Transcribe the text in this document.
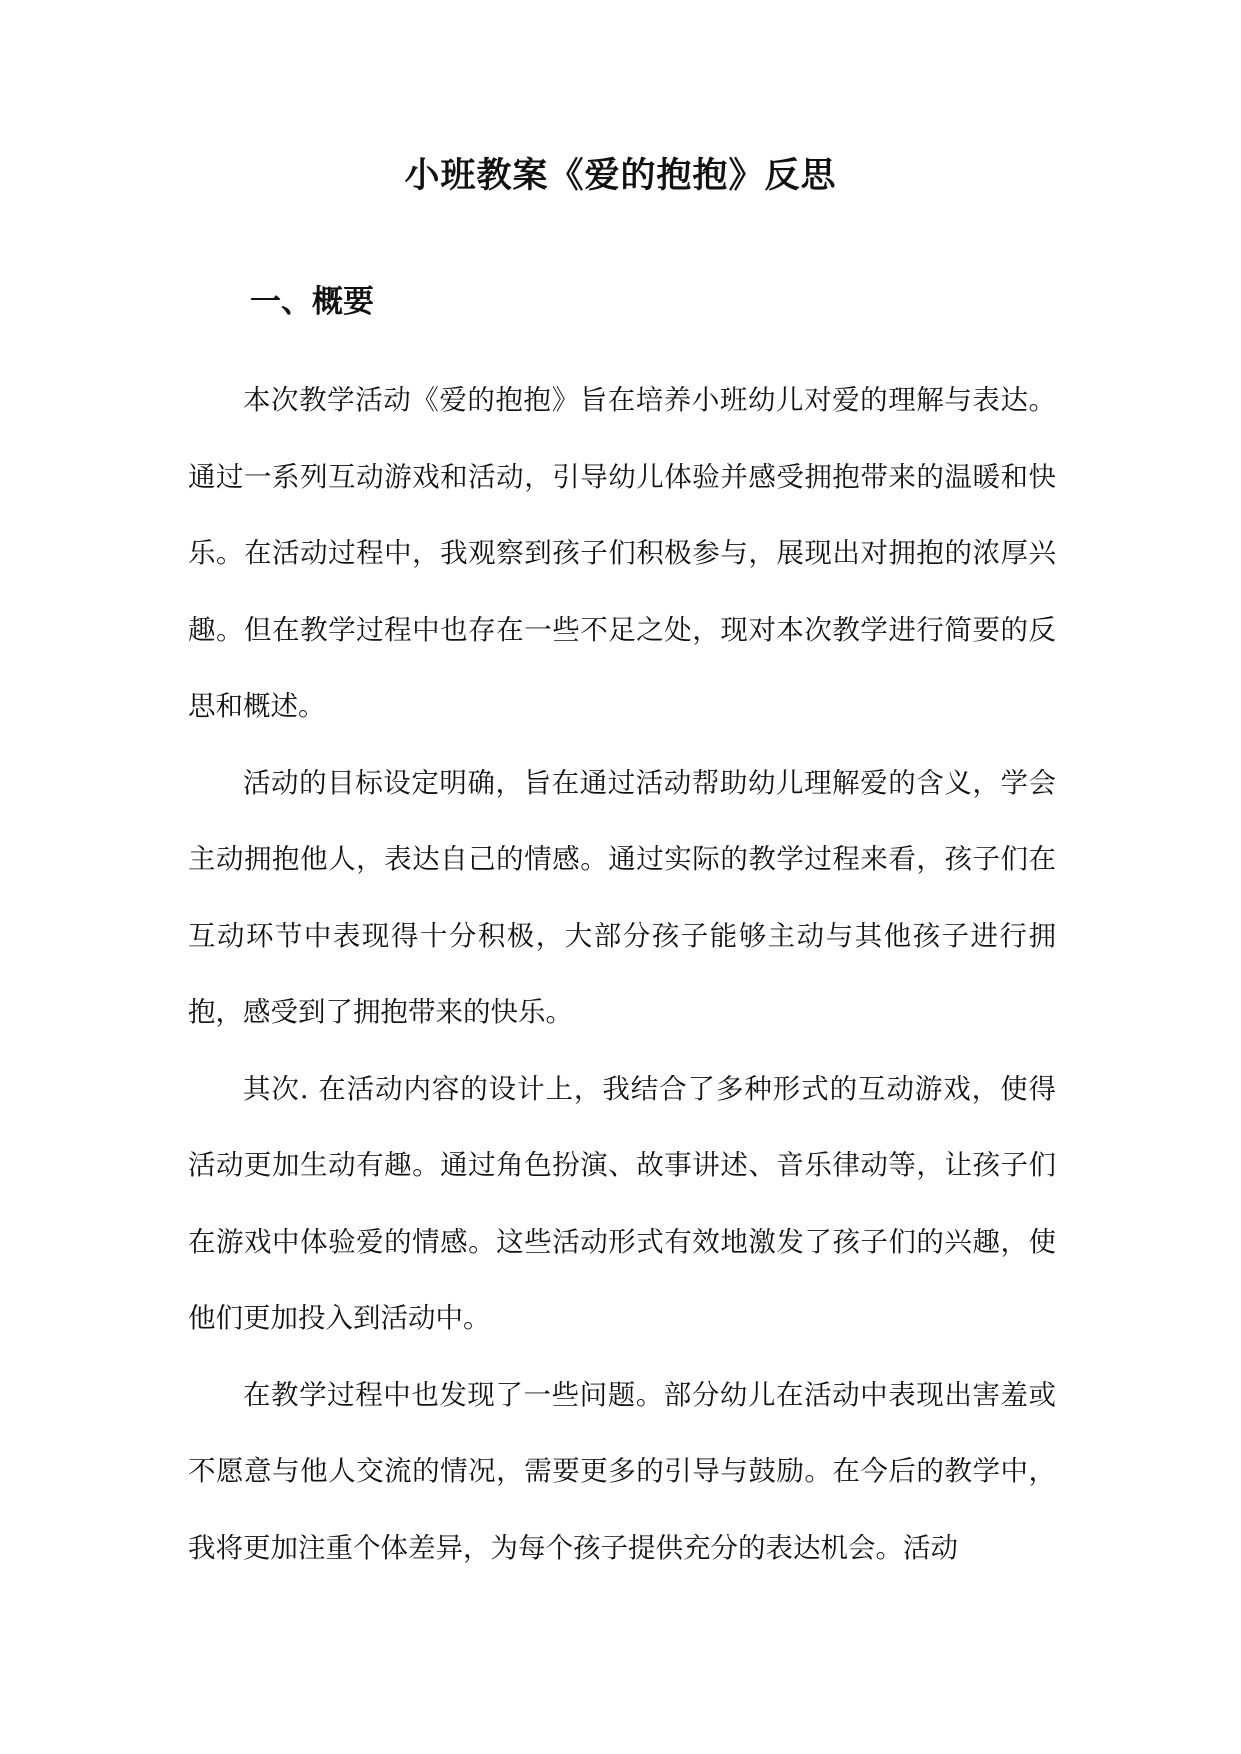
小班教案《爱的抱抱》反思
一、概要

本次教学活动《爱的抱抱》旨在培养小班幼儿对爱的理解与表达。通过一系列互动游戏和活动，引导幼儿体验并感受拥抱带来的温暖和快乐。在活动过程中，我观察到孩子们积极参与，展现出对拥抱的浓厚兴趣。但在教学过程中也存在一些不足之处，现对本次教学进行简要的反思和概述。

活动的目标设定明确，旨在通过活动帮助幼儿理解爱的含义，学会主动拥抱他人，表达自己的情感。通过实际的教学过程来看，孩子们在互动环节中表现得十分积极，大部分孩子能够主动与其他孩子进行拥抱，感受到了拥抱带来的快乐。

其次. 在活动内容的设计上，我结合了多种形式的互动游戏，使得活动更加生动有趣。通过角色扮演、故事讲述、音乐律动等，让孩子们在游戏中体验爱的情感。这些活动形式有效地激发了孩子们的兴趣，使他们更加投入到活动中。

在教学过程中也发现了一些问题。部分幼儿在活动中表现出害羞或不愿意与他人交流的情况，需要更多的引导与鼓励。在今后的教学中，我将更加注重个体差异，为每个孩子提供充分的表达机会。活动
